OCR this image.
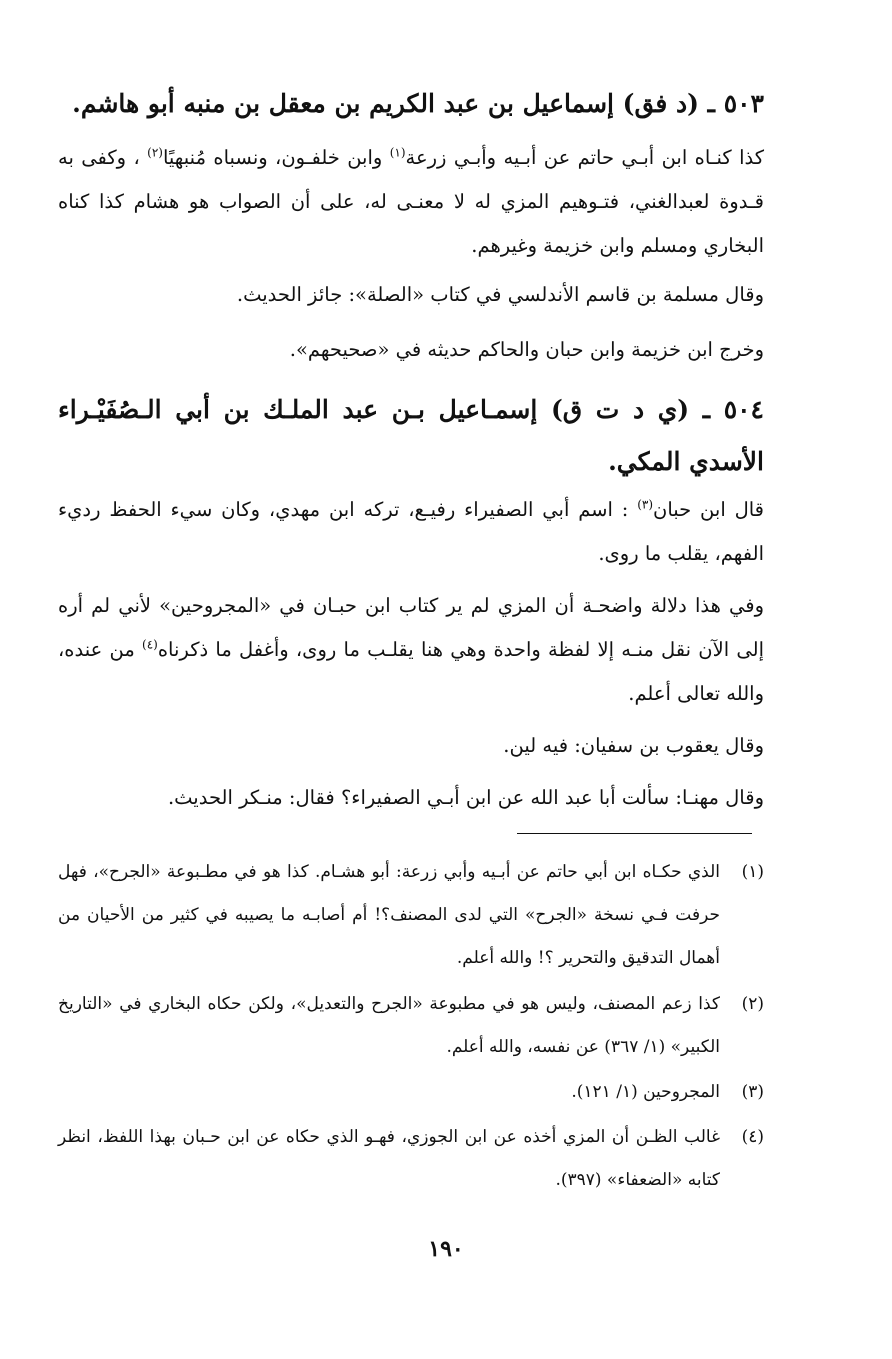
٥٠٣ ـ (د فق) إسماعيل بن عبد الكريم بن معقل بن منبه أبو هاشم.
كذا كنـاه ابن أبـي حاتم عن أبـيه وأبـي زرعة$^{(١)}$ وابن خلفـون، ونسباه مُنبهيًا$^{(٢)}$ ، وكفى به قـدوة لعبدالغني، فتـوهيم المزي له لا معنـى له، على أن الصواب هو هشام كذا كناه البخاري ومسلم وابن خزيمة وغيرهم.
وقال مسلمة بن قاسم الأندلسي في كتاب «الصلة»: جائز الحديث.
وخرج ابن خزيمة وابن حبان والحاكم حديثه في «صحيحهم».
٥٠٤ ـ (ي د ت ق) إسمـاعيل بـن عبد الملـك بن أبي الـصُفَيْـراء الأسدي المكي.
قال ابن حبان$^{(٣)}$ : اسم أبي الصفيراء رفيـع، تركه ابن مهدي، وكان سيء الحفظ رديء الفهم، يقلب ما روى.
وفي هذا دلالة واضحـة أن المزي لم ير كتاب ابن حبـان في «المجروحين» لأني لم أره إلى الآن نقل منـه إلا لفظة واحدة وهي هنا يقلـب ما روى، وأغفل ما ذكرناه$^{(٤)}$ من عنده، والله تعالى أعلم.
وقال يعقوب بن سفيان: فيه لين.
وقال مهنـا: سألت أبا عبد الله عن ابن أبـي الصفيراء؟ فقال: منـكر الحديث.
(١)
الذي حكـاه ابن أبي حاتم عن أبـيه وأبي زرعة: أبو هشـام. كذا هو في مطـبوعة «الجرح»، فهل حرفت فـي نسخة «الجرح» التي لدى المصنف؟! أم أصابـه ما يصيبه في كثير من الأحيان من أهمال التدقيق والتحرير ؟! والله أعلم.
(٢)
كذا زعم المصنف، وليس هو في مطبوعة «الجرح والتعديل»، ولكن حكاه البخاري في «التاريخ الكبير» (١/ ٣٦٧) عن نفسه، والله أعلم.
(٣)
المجروحين (١/ ١٢١).
(٤)
غالب الظـن أن المزي أخذه عن ابن الجوزي، فهـو الذي حكاه عن ابن حـبان بهذا اللفظ، انظر كتابه «الضعفاء» (٣٩٧).
١٩٠
